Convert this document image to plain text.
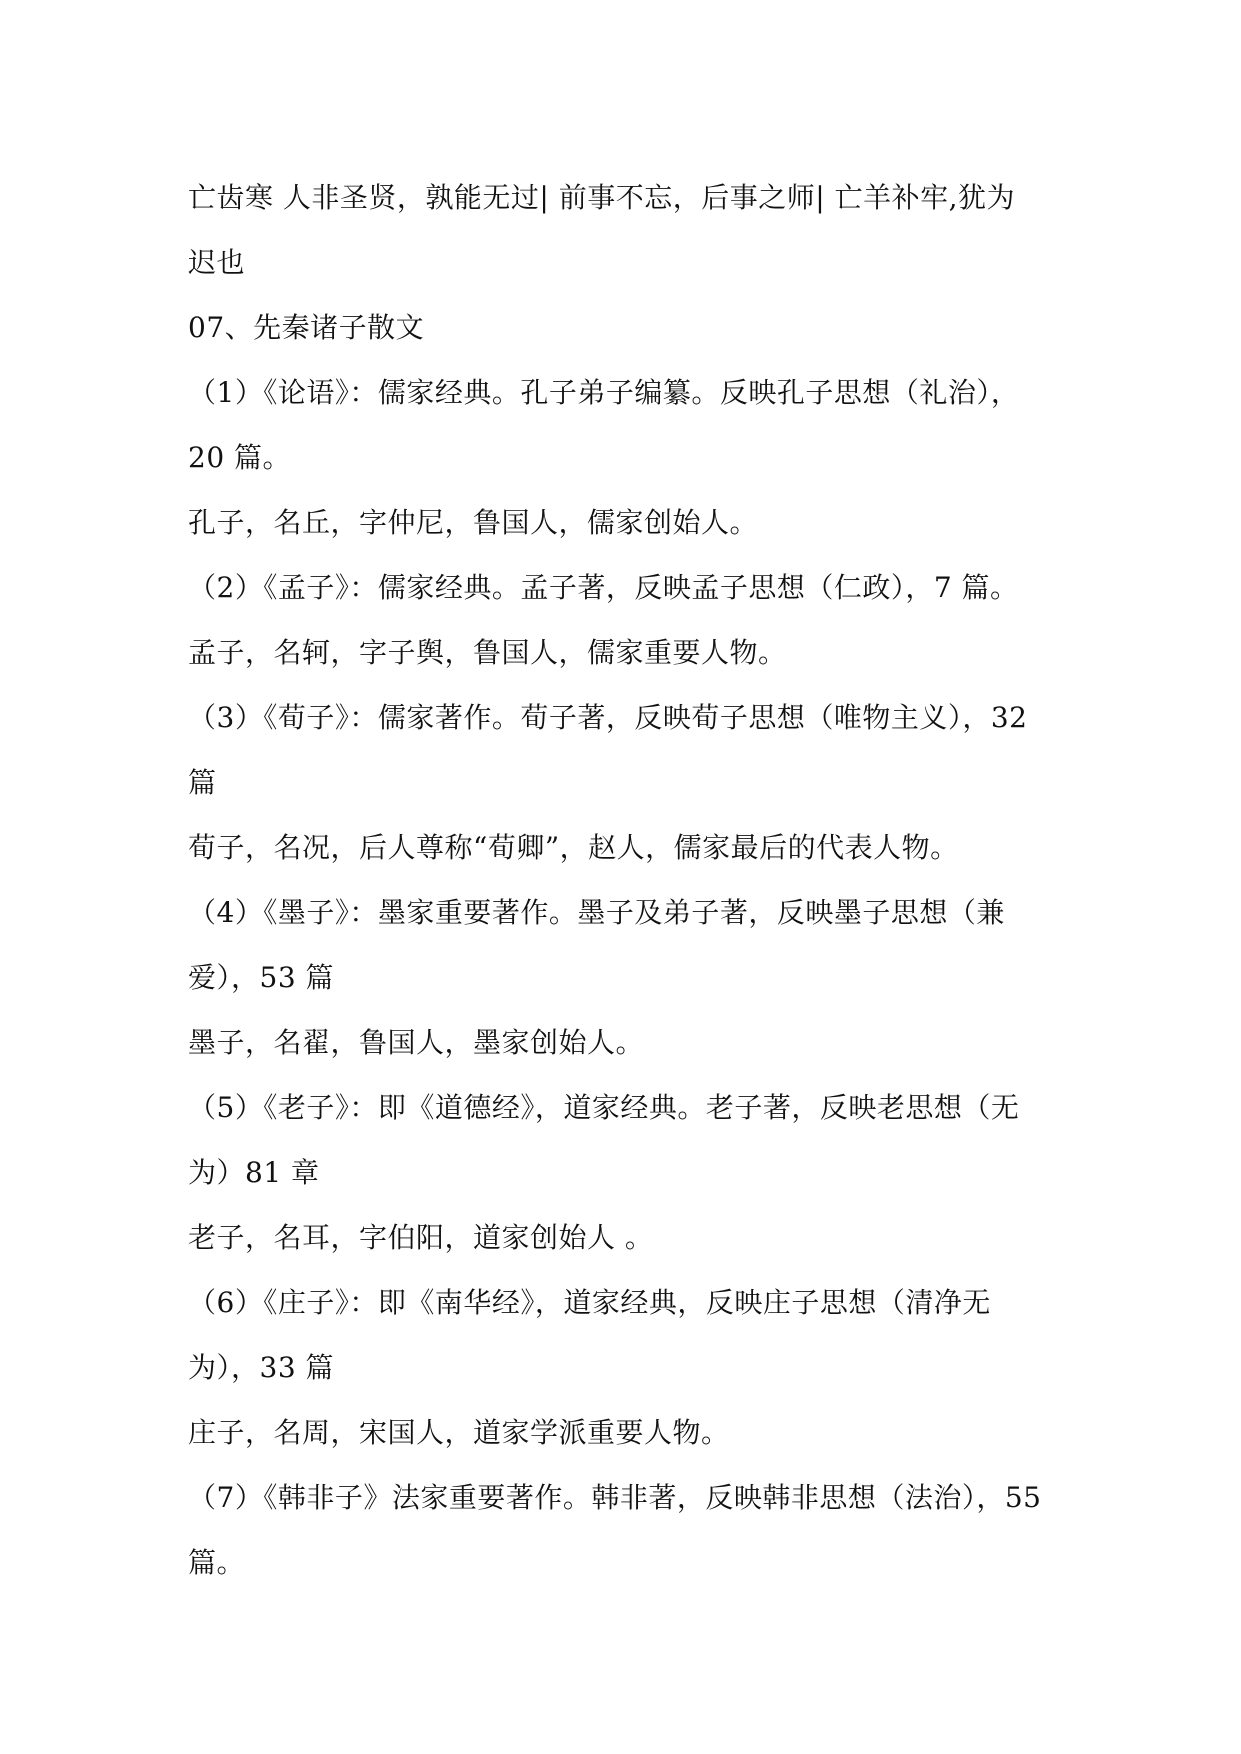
亡齿寒 人非圣贤，孰能无过| 前事不忘，后事之师| 亡羊补牢,犹为
迟也
07、先秦诸子散文
（1）《论语》：儒家经典。孔子弟子编纂。反映孔子思想（礼治），
20 篇。
孔子，名丘，字仲尼，鲁国人，儒家创始人。
（2）《孟子》：儒家经典。孟子著，反映孟子思想（仁政），7 篇。
孟子，名轲，字子舆，鲁国人，儒家重要人物。
（3）《荀子》：儒家著作。荀子著，反映荀子思想（唯物主义），32
篇
荀子，名况，后人尊称“荀卿”，赵人，儒家最后的代表人物。
（4）《墨子》：墨家重要著作。墨子及弟子著，反映墨子思想（兼
爱），53 篇
墨子，名翟，鲁国人，墨家创始人。
（5）《老子》：即《道德经》，道家经典。老子著，反映老思想（无
为）81 章
老子，名耳，字伯阳，道家创始人 。
（6）《庄子》：即《南华经》，道家经典，反映庄子思想（清净无
为），33 篇
庄子，名周，宋国人，道家学派重要人物。
（7）《韩非子》法家重要著作。韩非著，反映韩非思想（法治），55
篇。
